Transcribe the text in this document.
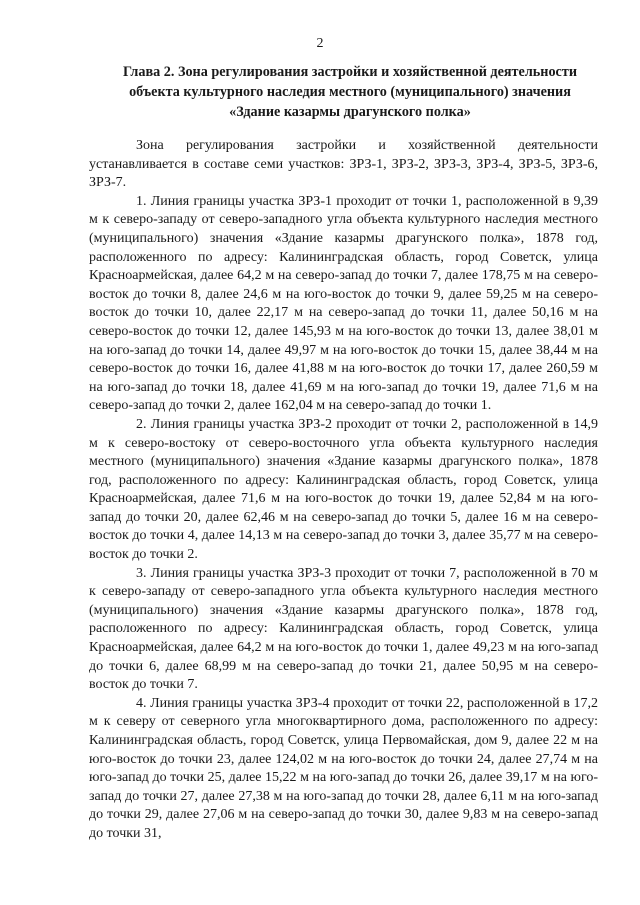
2
Глава 2. Зона регулирования застройки и хозяйственной деятельности
объекта культурного наследия местного (муниципального) значения
«Здание казармы драгунского полка»

Зона регулирования застройки и хозяйственной деятельности устанавливается в составе семи участков: ЗРЗ-1, ЗРЗ-2, ЗРЗ-3, ЗРЗ-4, ЗРЗ-5, ЗРЗ-6, ЗРЗ-7.

1. Линия границы участка ЗРЗ-1 проходит от точки 1, расположенной в 9,39 м к северо-западу от северо-западного угла объекта культурного наследия местного (муниципального) значения «Здание казармы драгунского полка», 1878 год, расположенного по адресу: Калининградская область, город Советск, улица Красноармейская, далее 64,2 м на северо-запад до точки 7, далее 178,75 м на северо-восток до точки 8, далее 24,6 м на юго-восток до точки 9, далее 59,25 м на северо-восток до точки 10, далее 22,17 м на северо-запад до точки 11, далее 50,16 м на северо-восток до точки 12, далее 145,93 м на юго-восток до точки 13, далее 38,01 м на юго-запад до точки 14, далее 49,97 м на юго-восток до точки 15, далее 38,44 м на северо-восток до точки 16, далее 41,88 м на юго-восток до точки 17, далее 260,59 м на юго-запад до точки 18, далее 41,69 м на юго-запад до точки 19, далее 71,6 м на северо-запад до точки 2, далее 162,04 м на северо-запад до точки 1.

2. Линия границы участка ЗРЗ-2 проходит от точки 2, расположенной в 14,9 м к северо-востоку от северо-восточного угла объекта культурного наследия местного (муниципального) значения «Здание казармы драгунского полка», 1878 год, расположенного по адресу: Калининградская область, город Советск, улица Красноармейская, далее 71,6 м на юго-восток до точки 19, далее 52,84 м на юго-запад до точки 20, далее 62,46 м на северо-запад до точки 5, далее 16 м на северо-восток до точки 4, далее 14,13 м на северо-запад до точки 3, далее 35,77 м на северо-восток до точки 2.

3. Линия границы участка ЗРЗ-3 проходит от точки 7, расположенной в 70 м к северо-западу от северо-западного угла объекта культурного наследия местного (муниципального) значения «Здание казармы драгунского полка», 1878 год, расположенного по адресу: Калининградская область, город Советск, улица Красноармейская, далее 64,2 м на юго-восток до точки 1, далее 49,23 м на юго-запад до точки 6, далее 68,99 м на северо-запад до точки 21, далее 50,95 м на северо-восток до точки 7.

4. Линия границы участка ЗРЗ-4 проходит от точки 22, расположенной в 17,2 м к северу от северного угла многоквартирного дома, расположенного по адресу: Калининградская область, город Советск, улица Первомайская, дом 9, далее 22 м на юго-восток до точки 23, далее 124,02 м на юго-восток до точки 24, далее 27,74 м на юго-запад до точки 25, далее 15,22 м на юго-запад до точки 26, далее 39,17 м на юго-запад до точки 27, далее 27,38 м на юго-запад до точки 28, далее 6,11 м на юго-запад до точки 29, далее 27,06 м на северо-запад до точки 30, далее 9,83 м на северо-запад до точки 31,
